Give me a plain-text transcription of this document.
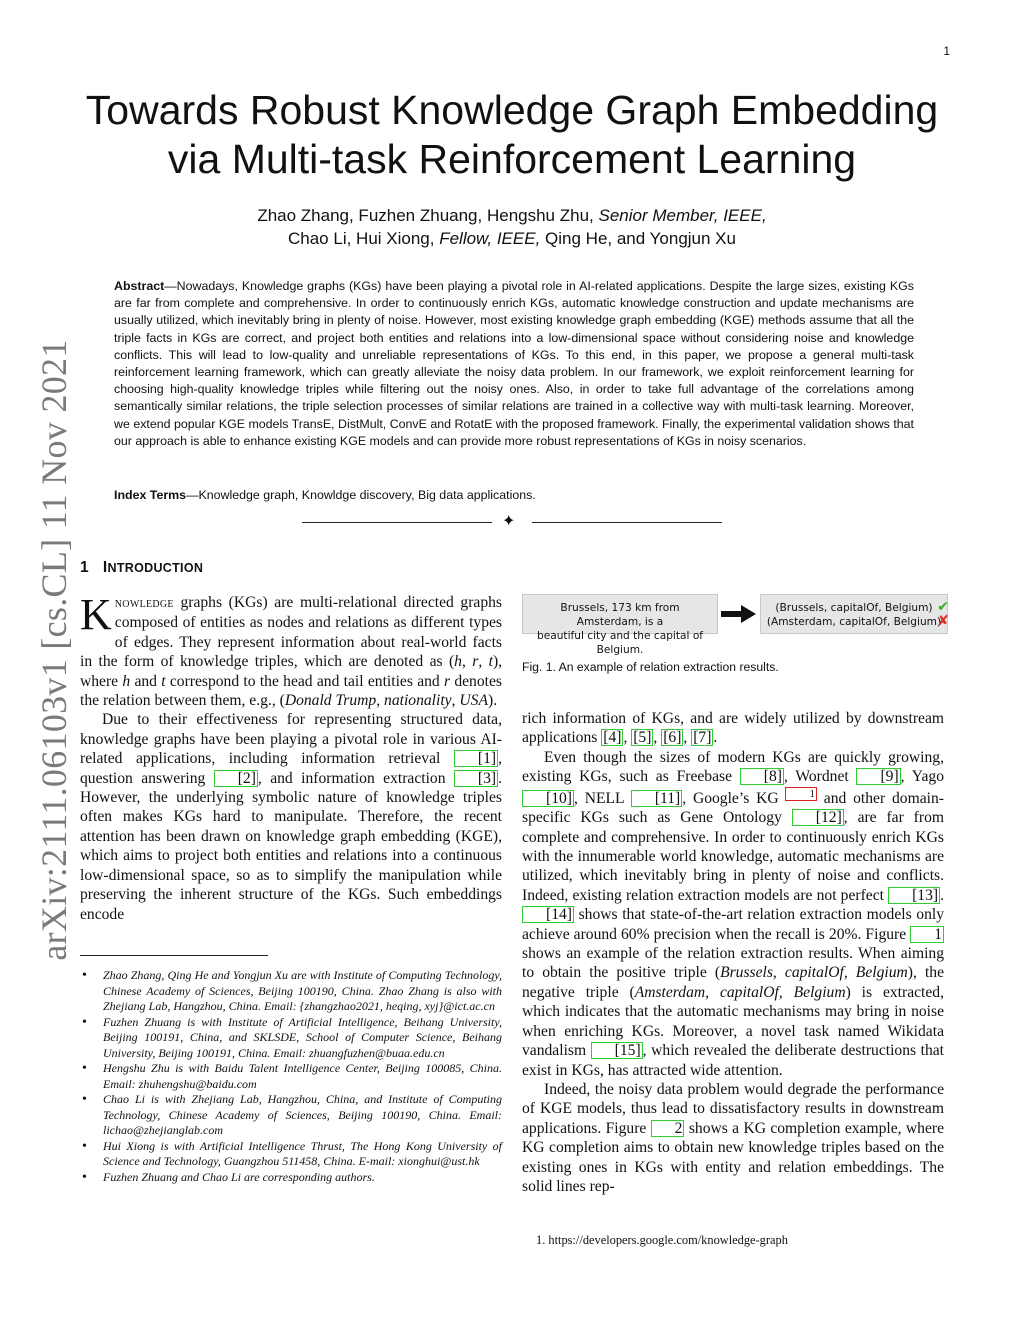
1
arXiv:2111.06103v1 [cs.CL] 11 Nov 2021
Towards Robust Knowledge Graph Embedding
via Multi-task Reinforcement Learning
Zhao Zhang, Fuzhen Zhuang, Hengshu Zhu, Senior Member, IEEE,
Chao Li, Hui Xiong, Fellow, IEEE, Qing He, and Yongjun Xu
Abstract—Nowadays, Knowledge graphs (KGs) have been playing a pivotal role in AI-related applications. Despite the large sizes, existing KGs are far from complete and comprehensive. In order to continuously enrich KGs, automatic knowledge construction and update mechanisms are usually utilized, which inevitably bring in plenty of noise. However, most existing knowledge graph embedding (KGE) methods assume that all the triple facts in KGs are correct, and project both entities and relations into a low-dimensional space without considering noise and knowledge conflicts. This will lead to low-quality and unreliable representations of KGs. To this end, in this paper, we propose a general multi-task reinforcement learning framework, which can greatly alleviate the noisy data problem. In our framework, we exploit reinforcement learning for choosing high-quality knowledge triples while filtering out the noisy ones. Also, in order to take full advantage of the correlations among semantically similar relations, the triple selection processes of similar relations are trained in a collective way with multi-task learning. Moreover, we extend popular KGE models TransE, DistMult, ConvE and RotatE with the proposed framework. Finally, the experimental validation shows that our approach is able to enhance existing KGE models and can provide more robust representations of KGs in noisy scenarios.
Index Terms—Knowledge graph, Knowldge discovery, Big data applications.
✦
1 INTRODUCTION

Knowledge graphs (KGs) are multi-relational directed graphs composed of entities as nodes and relations as different types of edges. They represent information about real-world facts in the form of knowledge triples, which are denoted as (h, r, t), where h and t correspond to the head and tail entities and r denotes the relation between them, e.g., (Donald Trump, nationality, USA).

Due to their effectiveness for representing structured data, knowledge graphs have been playing a pivotal role in various AI-related applications, including information retrieval [1] , question answering [2] , and information extraction [3] . However, the underlying symbolic nature of knowledge triples often makes KGs hard to manipulate. Therefore, the recent attention has been drawn on knowledge graph embedding (KGE), which aims to project both entities and relations into a continuous low-dimensional space, so as to simplify the manipulation while preserving the inherent structure of the KGs. Such embeddings encode

• Zhao Zhang, Qing He and Yongjun Xu are with Institute of Computing Technology, Chinese Academy of Sciences, Beijing 100190, China. Zhao Zhang is also with Zhejiang Lab, Hangzhou, China. Email: {zhangzhao2021, heqing, xyj}@ict.ac.cn
• Fuzhen Zhuang is with Institute of Artificial Intelligence, Beihang University, Beijing 100191, China, and SKLSDE, School of Computer Science, Beihang University, Beijing 100191, China. Email: zhuangfuzhen@buaa.edu.cn
• Hengshu Zhu is with Baidu Talent Intelligence Center, Beijing 100085, China. Email: zhuhengshu@baidu.com
• Chao Li is with Zhejiang Lab, Hangzhou, China, and Institute of Computing Technology, Chinese Academy of Sciences, Beijing 100190, China. Email: lichao@zhejianglab.com
• Hui Xiong is with Artificial Intelligence Thrust, The Hong Kong University of Science and Technology, Guangzhou 511458, China. E-mail: xionghui@ust.hk
• Fuzhen Zhuang and Chao Li are corresponding authors.
Brussels, 173 km from Amsterdam, is a
beautiful city and the capital of Belgium.
(Brussels, capitalOf, Belgium) ✔
(Amsterdam, capitalOf, Belgium)
✘
Fig. 1. An example of relation extraction results.

rich information of KGs, and are widely utilized by downstream applications [4] , [5] , [6] , [7] .

Even though the sizes of modern KGs are quickly growing, existing KGs, such as Freebase [8] , Wordnet [9] , Yago [10] , NELL [11] , Google’s KG 1 and other domain-specific KGs such as Gene Ontology [12] , are far from complete and comprehensive. In order to continuously enrich KGs with the innumerable world knowledge, automatic mechanisms are utilized, which inevitably bring in plenty of noise and conflicts. Indeed, existing relation extraction models are not perfect [13] . [14] shows that state-of-the-art relation extraction models only achieve around 60% precision when the recall is 20%. Figure 1 shows an example of the relation extraction results. When aiming to obtain the positive triple (Brussels, capitalOf, Belgium), the negative triple (Amsterdam, capitalOf, Belgium) is extracted, which indicates that the automatic mechanisms may bring in noise when enriching KGs. Moreover, a novel task named Wikidata vandalism [15] , which revealed the deliberate destructions that exist in KGs, has attracted wide attention.

Indeed, the noisy data problem would degrade the performance of KGE models, thus lead to dissatisfactory results in downstream applications. Figure 2 shows a KG completion example, where KG completion aims to obtain new knowledge triples based on the existing ones in KGs with entity and relation embeddings. The solid lines rep-

1. https://developers.google.com/knowledge-graph
